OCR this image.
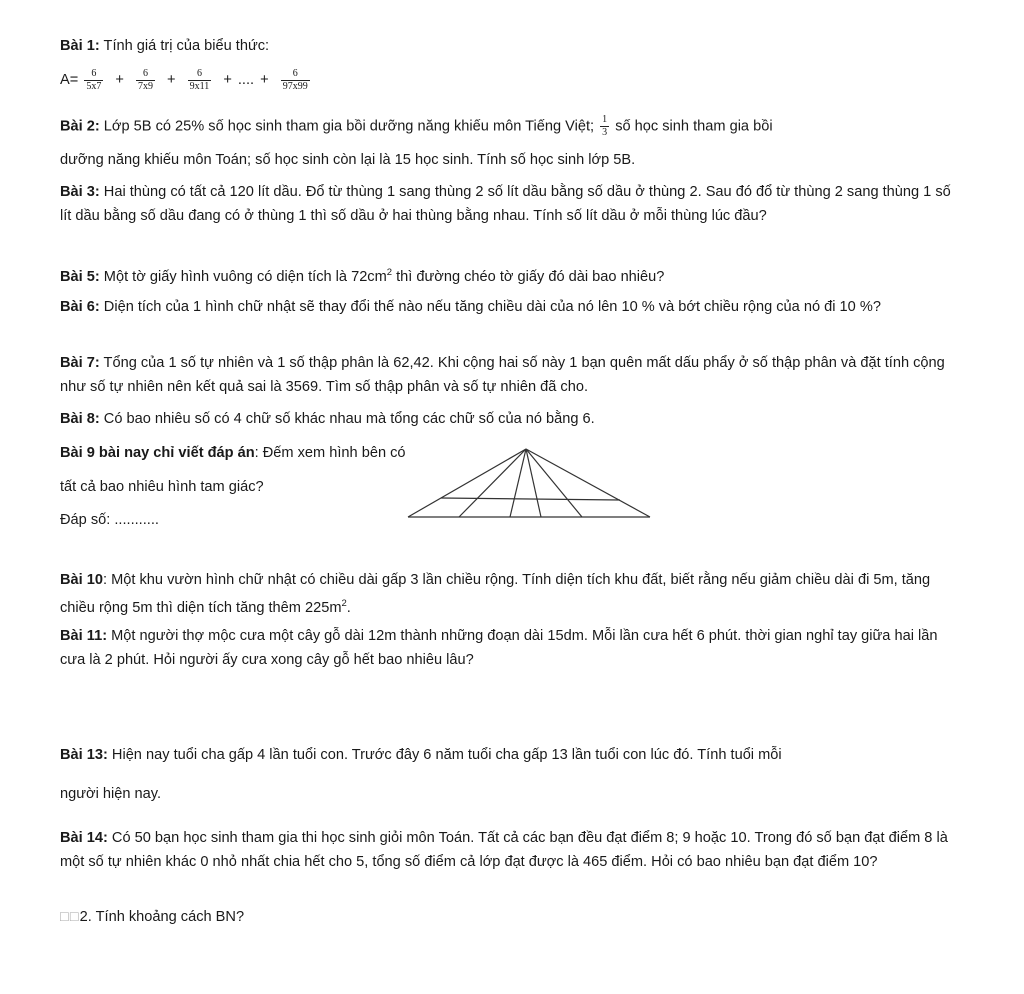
Bài 1: Tính giá trị của biểu thức:

$A= \frac{6}{5x7} + \frac{6}{7x9} + \frac{6}{9x11}$ + .... + $\frac{6}{97x99}$

Bài 2: Lớp 5B có 25% số học sinh tham gia bồi dưỡng năng khiếu môn Tiếng Việt; $\frac{1}{3}$ số học sinh tham gia bồi

dưỡng năng khiếu môn Toán; số học sinh còn lại là 15 học sinh. Tính số học sinh lớp 5B.

Bài 3: Hai thùng có tất cả 120 lít dầu. Đổ từ thùng 1 sang thùng 2 số lít dầu bằng số dầu ở thùng 2. Sau đó đổ từ thùng 2 sang thùng 1 số lít dầu bằng số dầu đang có ở thùng 1 thì số dầu ở hai thùng bằng nhau. Tính số lít dầu ở mỗi thùng lúc đầu?

Bài 5: Một tờ giấy hình vuông có diện tích là $72cm^2$ thì đường chéo tờ giấy đó dài bao nhiêu?

Bài 6: Diện tích của 1 hình chữ nhật sẽ thay đổi thế nào nếu tăng chiều dài của nó lên 10 % và bớt chiều rộng của nó đi 10 %?

Bài 7: Tổng của 1 số tự nhiên và 1 số thập phân là 62,42. Khi cộng hai số này 1 bạn quên mất dấu phẩy ở số thập phân và đặt tính cộng như số tự nhiên nên kết quả sai là 3569. Tìm số thập phân và số tự nhiên đã cho.

Bài 8: Có bao nhiêu số có 4 chữ số khác nhau mà tổng các chữ số của nó bằng 6.

Bài 9 bài nay chỉ viết đáp án: Đếm xem hình bên có

tất cả bao nhiêu hình tam giác?

Đáp số: ...........

Bài 10: Một khu vườn hình chữ nhật có chiều dài gấp 3 lần chiều rộng. Tính diện tích khu đất, biết rằng nếu giảm chiều dài đi 5m, tăng chiều rộng 5m thì diện tích tăng thêm $225m^2$.

Bài 11: Một người thợ mộc cưa một cây gỗ dài 12m thành những đoạn dài 15dm. Mỗi lần cưa hết 6 phút. thời gian nghỉ tay giữa hai lần cưa là 2 phút. Hỏi người ấy cưa xong cây gỗ hết bao nhiêu lâu?

Bài 13: Hiện nay tuổi cha gấp 4 lần tuổi con. Trước đây 6 năm tuổi cha gấp 13 lần tuổi con lúc đó. Tính tuổi mỗi

người hiện nay.

Bài 14: Có 50 bạn học sinh tham gia thi học sinh giỏi môn Toán. Tất cả các bạn đều đạt điểm 8; 9 hoặc 10. Trong đó số bạn đạt điểm 8 là một số tự nhiên khác 0 nhỏ nhất chia hết cho 5, tổng số điểm cả lớp đạt được là 465 điểm. Hỏi có bao nhiêu bạn đạt điểm 10?

□□2. Tính khoảng cách BN?
